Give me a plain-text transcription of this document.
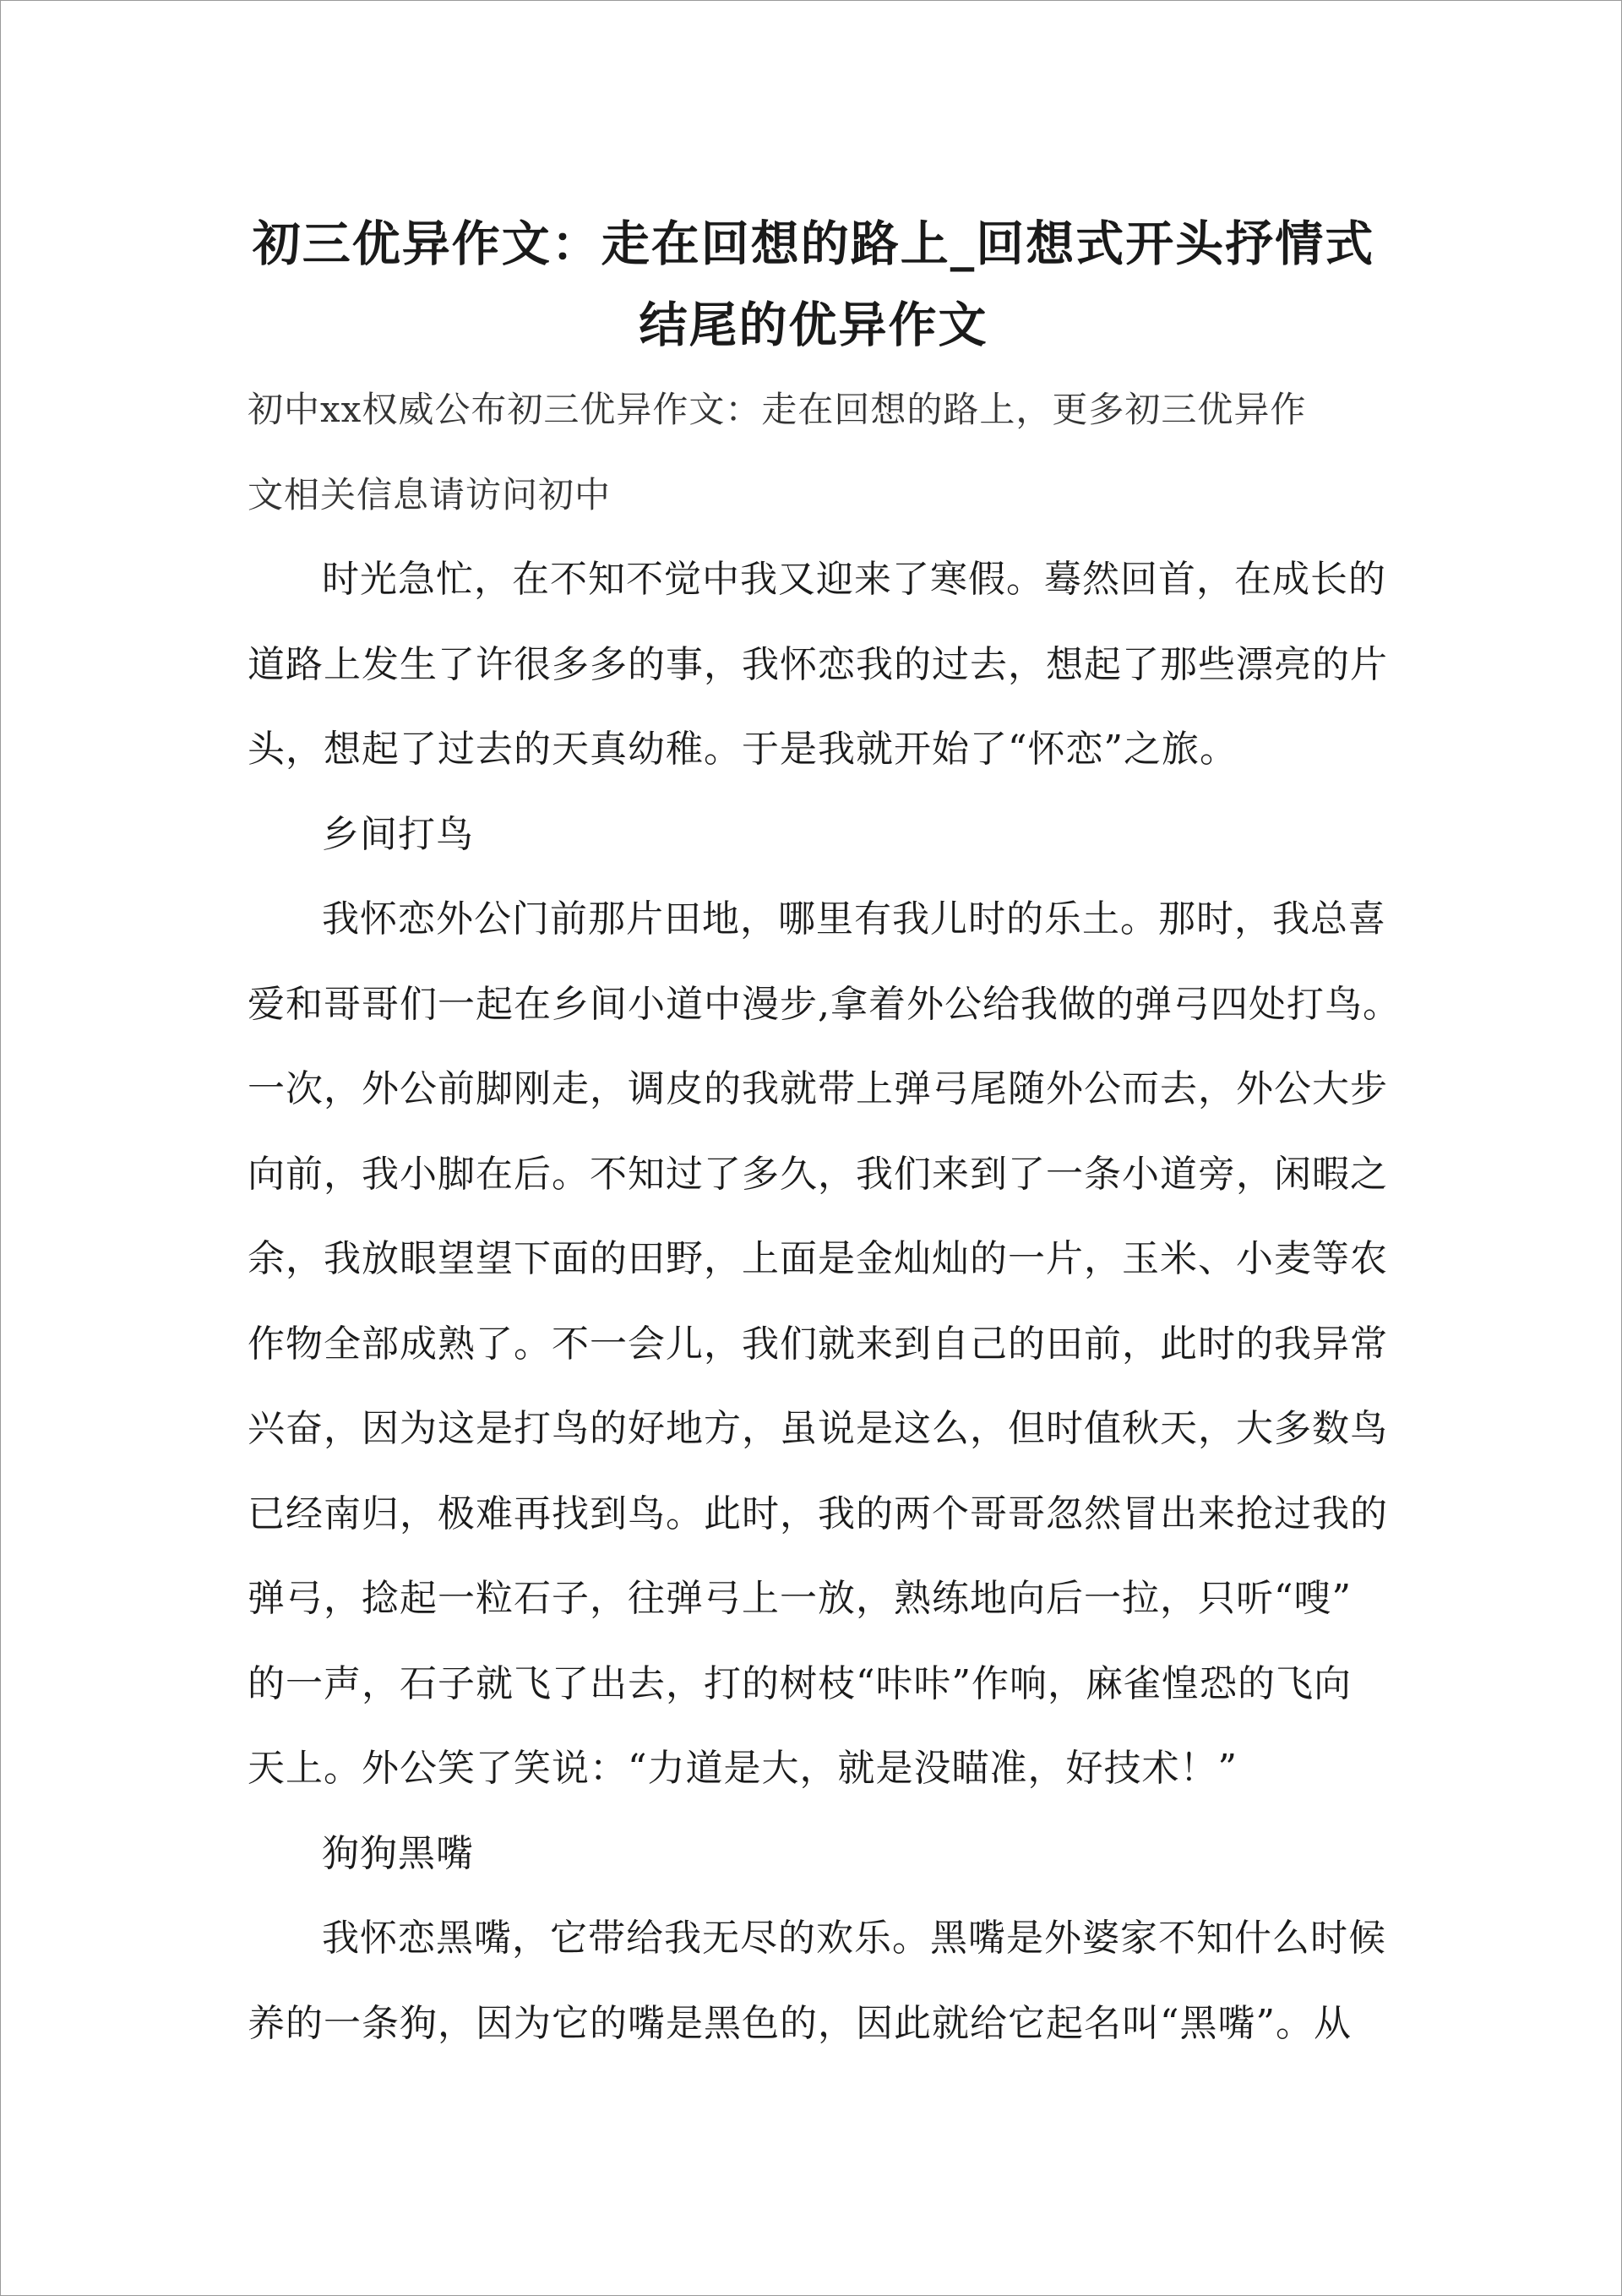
初三优异作文：走在回想的路上_回想式开头抒情式
结尾的优异作文

初中xx权威公布初三优异作文：走在回想的路上，更多初三优异作
文相关信息请访问初中

时光急忙，在不知不觉中我又迎来了寒假。蓦然回首，在成长的
道路上发生了许很多多的事，我怀恋我的过去，想起了那些漂亮的片
头，想起了过去的天真幼稚。于是我就开始了“怀恋”之旅。

乡间打鸟

我怀恋外公门前那片田地，哪里有我儿时的乐土。那时，我总喜
爱和哥哥们一起在乡间小道中漫步,拿着外公给我做的弹弓四处打鸟。
一次，外公前脚刚走，调皮的我就带上弹弓尾随外公而去，外公大步
向前，我小脚在后。不知过了多久，我们来到了一条小道旁，闲暇之
余，我放眼望望下面的田野，上面是金灿灿的一片，玉米、小麦等农
作物全部成熟了。不一会儿，我们就来到自己的田前，此时的我异常
兴奋，因为这是打鸟的好地方，虽说是这么，但时值秋天，大多数鸟
已经南归，极难再找到鸟。此时，我的两个哥哥忽然冒出来抢过我的
弹弓，捻起一粒石子，往弹弓上一放，熟练地向后一拉，只听“嗖”
的一声，石子就飞了出去，打的树枝“咔咔”作响，麻雀惶恐的飞向
天上。外公笑了笑说：“力道是大，就是没瞄准，好技术！”

狗狗黑嘴

我怀恋黑嘴，它带给我无尽的欢乐。黑嘴是外婆家不知什么时候
养的一条狗，因为它的嘴是黑色的，因此就给它起名叫“黑嘴”。从
